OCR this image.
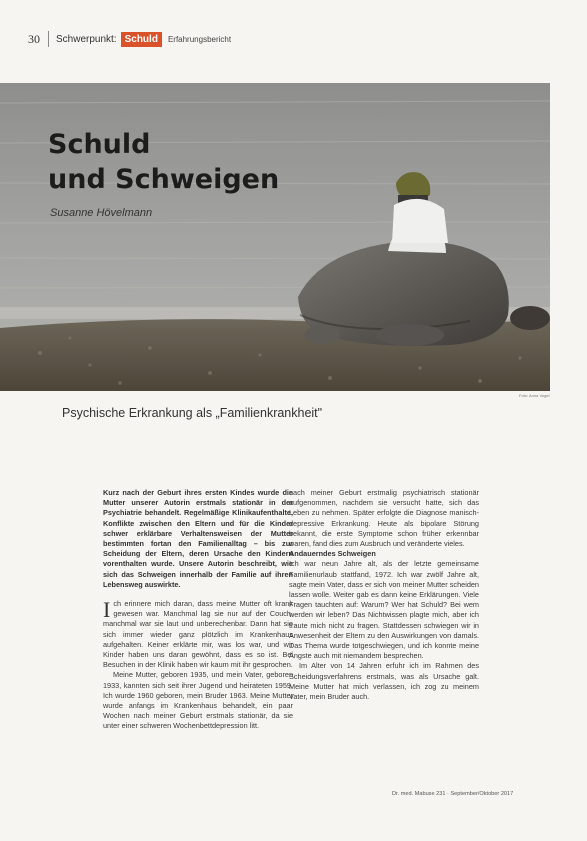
30 Schwerpunkt: Schuld	Erfahrungsbericht
Schuld
und Schweigen
Susanne Hövelmann
Foto: Anna Vogel
Psychische Erkrankung als „Familienkrankheit"

Kurz nach der Geburt ihres ersten Kindes wurde die Mutter unserer Autorin erstmals stationär in der Psychiatrie behandelt. Regelmäßige Klinikaufenthalte, Konflikte zwischen den Eltern und für die Kinder schwer erklärbare Verhaltensweisen der Mutter bestimmten fortan den Familienalltag – bis zur Scheidung der Eltern, deren Ursache den Kindern vorenthalten wurde. Unsere Autorin beschreibt, wie sich das Schweigen innerhalb der Familie auf ihren Lebensweg auswirkte.

Ich erinnere mich daran, dass meine Mutter oft krank gewesen war. Manchmal lag sie nur auf der Couch, manchmal war sie laut und unberechenbar. Dann hat sie sich immer wieder ganz plötzlich im Krankenhaus aufgehalten. Keiner erklärte mir, was los war, und wir Kinder haben uns daran gewöhnt, dass es so ist. Bei Besuchen in der Klinik haben wir kaum mit ihr gesprochen.

Meine Mutter, geboren 1935, und mein Vater, geboren 1933, kannten sich seit ihrer Jugend und heirateten 1959. Ich wurde 1960 geboren, mein Bruder 1963. Meine Mutter wurde anfangs im Krankenhaus behandelt, ein paar Wochen nach meiner Geburt erstmals stationär, da sie unter einer schweren Wochenbettdepression litt.

nach meiner Geburt erstmalig psychiatrisch stationär aufgenommen, nachdem sie versucht hatte, sich das Leben zu nehmen. Später erfolgte die Diagnose manisch-depressive Erkrankung. Heute als bipolare Störung bekannt, die erste Symptome schon früher erkennbar waren, fand dies zum Ausbruch und veränderte vieles.

Andauerndes Schweigen

Ich war neun Jahre alt, als der letzte gemeinsame Familienurlaub stattfand, 1972. Ich war zwölf Jahre alt, sagte mein Vater, dass er sich von meiner Mutter scheiden lassen wolle. Weiter gab es dann keine Erklärungen. Viele Fragen tauchten auf: Warum? Wer hat Schuld? Bei wem werden wir leben? Das Nichtwissen plagte mich, aber ich traute mich nicht zu fragen. Stattdessen schwiegen wir in Anwesenheit der Eltern zu den Auswirkungen von damals. Das Thema wurde totgeschwiegen, und ich konnte meine Ängste auch mit niemandem besprechen.

Im Alter von 14 Jahren erfuhr ich im Rahmen des Scheidungsverfahrens erstmals, was als Ursache galt. Meine Mutter hat mich verlassen, ich zog zu meinem Vater, mein Bruder auch.

Dr. med. Mabuse 231 · September/Oktober 2017
